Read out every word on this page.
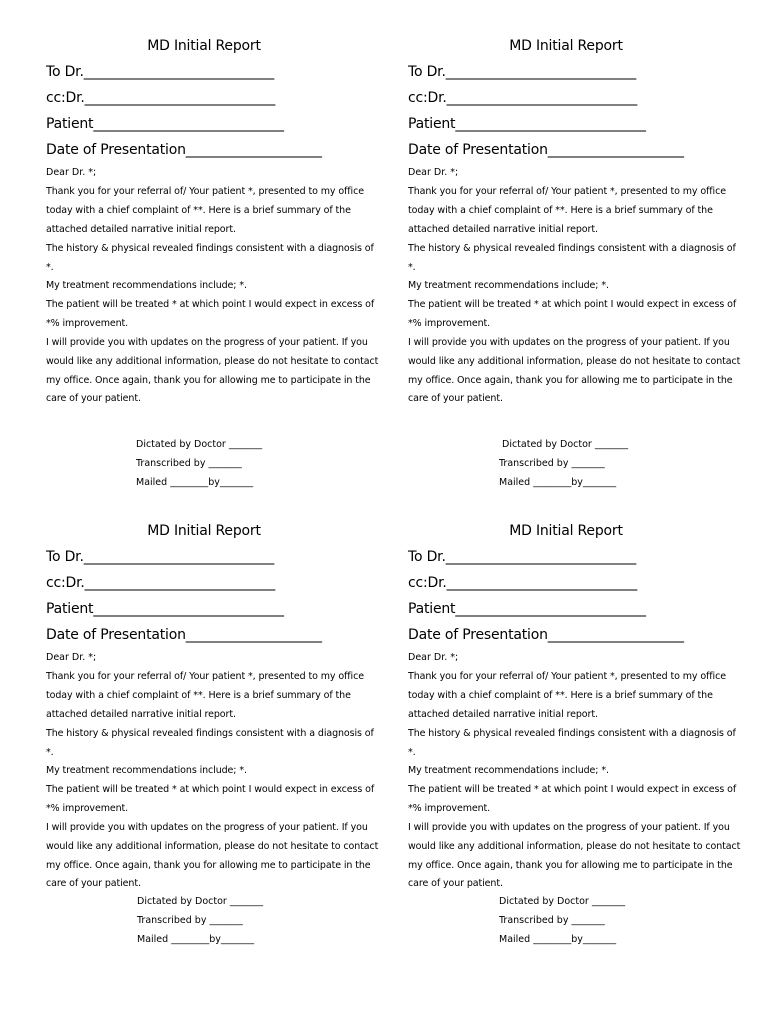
MD Initial Report
To Dr.____________________________
cc:Dr.____________________________
Patient____________________________
Date of Presentation____________________
Dear Dr. *;
Thank you for your referral of/ Your patient *, presented to my office
today with a chief complaint of **. Here is a brief summary of the
attached detailed narrative initial report.
The history & physical revealed findings consistent with a diagnosis of
*.
My treatment recommendations include; *.
The patient will be treated * at which point I would expect in excess of
*% improvement.
I will provide you with updates on the progress of your patient. If you
would like any additional information, please do not hesitate to contact
my office. Once again, thank you for allowing me to participate in the
care of your patient.
Dictated by Doctor _______
Transcribed by _______
Mailed ________by_______
MD Initial Report
To Dr.____________________________
cc:Dr.____________________________
Patient____________________________
Date of Presentation____________________
Dear Dr. *;
Thank you for your referral of/ Your patient *, presented to my office
today with a chief complaint of **. Here is a brief summary of the
attached detailed narrative initial report.
The history & physical revealed findings consistent with a diagnosis of
*.
My treatment recommendations include; *.
The patient will be treated * at which point I would expect in excess of
*% improvement.
I will provide you with updates on the progress of your patient. If you
would like any additional information, please do not hesitate to contact
my office. Once again, thank you for allowing me to participate in the
care of your patient.
Dictated by Doctor _______
Transcribed by _______
Mailed ________by_______
MD Initial Report
To Dr.____________________________
cc:Dr.____________________________
Patient____________________________
Date of Presentation____________________
Dear Dr. *;
Thank you for your referral of/ Your patient *, presented to my office
today with a chief complaint of **. Here is a brief summary of the
attached detailed narrative initial report.
The history & physical revealed findings consistent with a diagnosis of
*.
My treatment recommendations include; *.
The patient will be treated * at which point I would expect in excess of
*% improvement.
I will provide you with updates on the progress of your patient. If you
would like any additional information, please do not hesitate to contact
my office. Once again, thank you for allowing me to participate in the
care of your patient.
Dictated by Doctor _______
Transcribed by _______
Mailed ________by_______
MD Initial Report
To Dr.____________________________
cc:Dr.____________________________
Patient____________________________
Date of Presentation____________________
Dear Dr. *;
Thank you for your referral of/ Your patient *, presented to my office
today with a chief complaint of **. Here is a brief summary of the
attached detailed narrative initial report.
The history & physical revealed findings consistent with a diagnosis of
*.
My treatment recommendations include; *.
The patient will be treated * at which point I would expect in excess of
*% improvement.
I will provide you with updates on the progress of your patient. If you
would like any additional information, please do not hesitate to contact
my office. Once again, thank you for allowing me to participate in the
care of your patient.
Dictated by Doctor _______
Transcribed by _______
Mailed ________by_______
